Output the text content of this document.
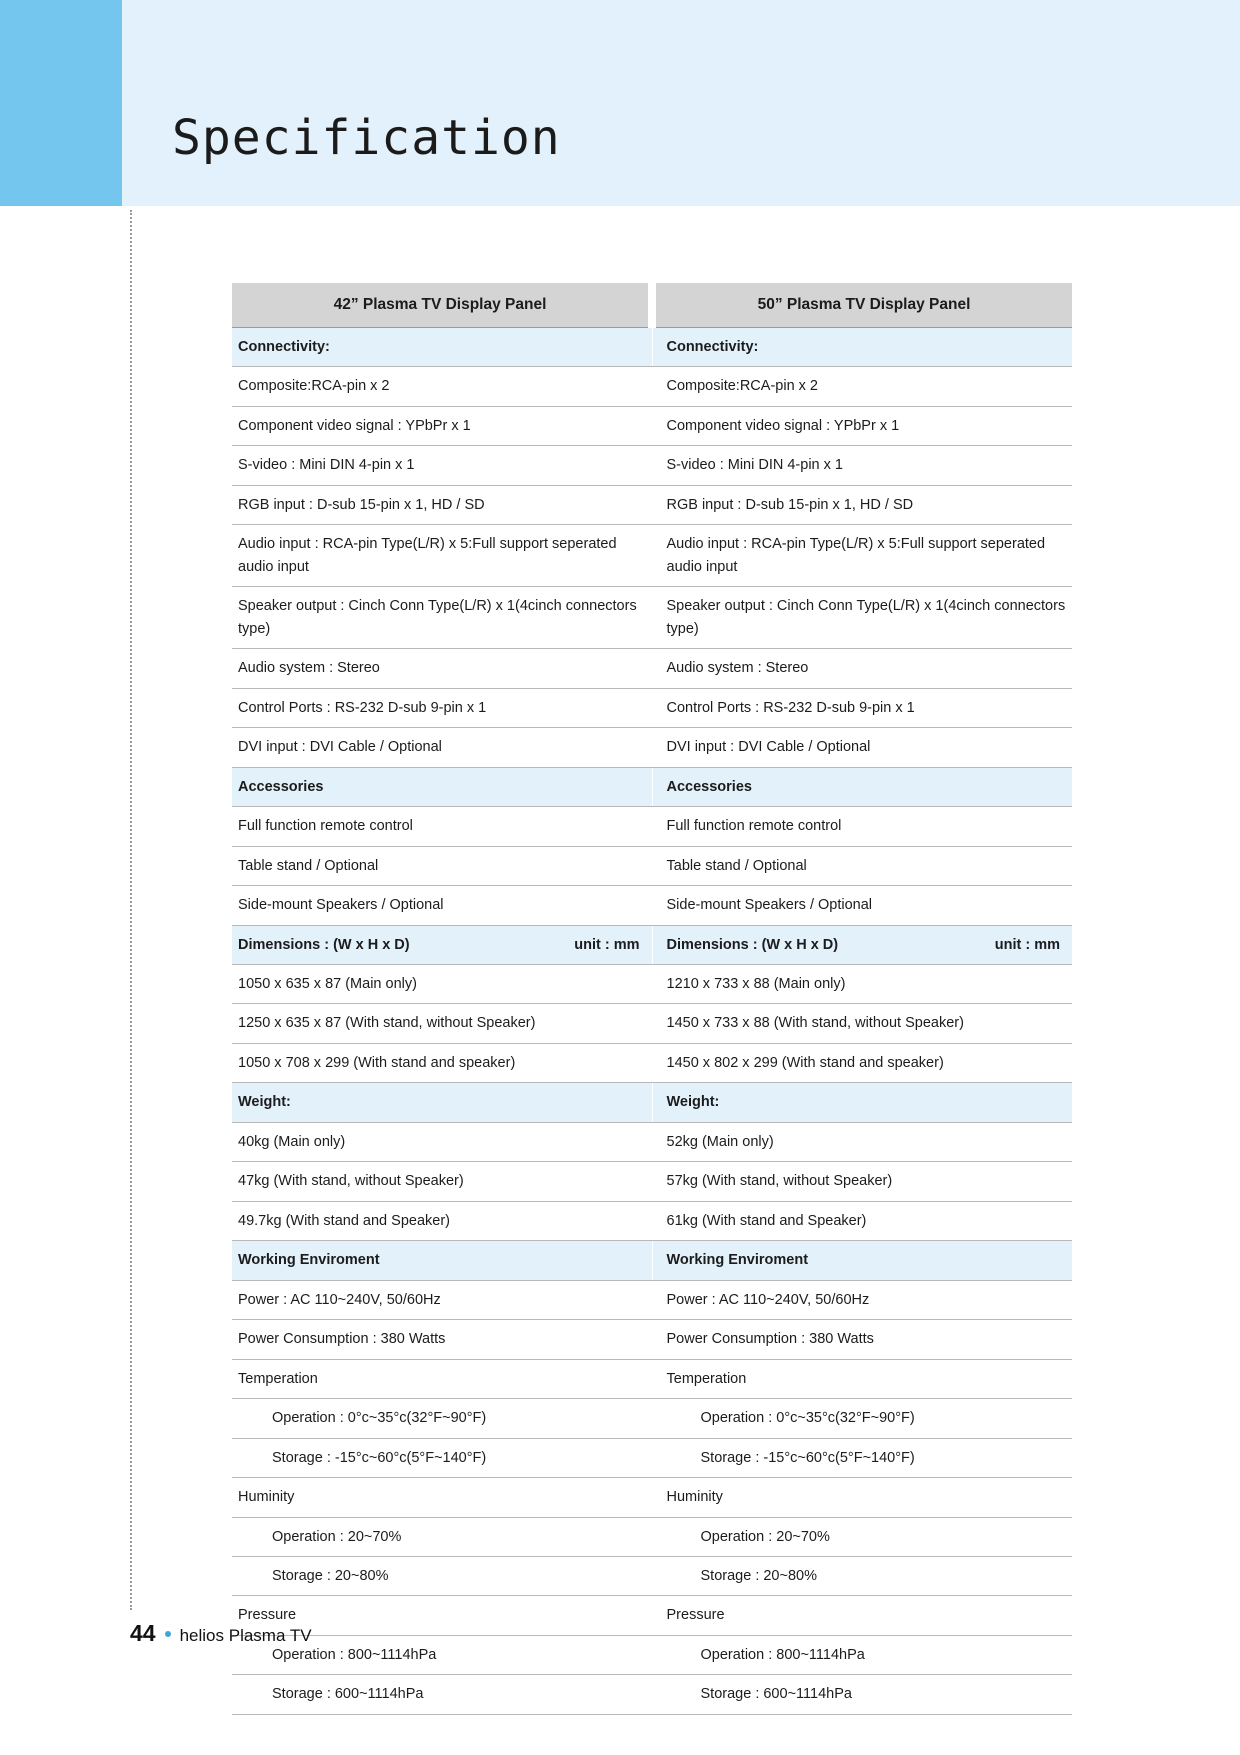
Specification
42” Plasma TV Display Panel	50” Plasma TV Display Panel
Connectivity:	Connectivity:
Composite:RCA-pin x 2	Composite:RCA-pin x 2
Component video signal : YPbPr x 1	Component video signal : YPbPr x 1
S-video : Mini DIN 4-pin x 1	S-video : Mini DIN 4-pin x 1
RGB input : D-sub 15-pin x 1, HD / SD	RGB input : D-sub 15-pin x 1, HD / SD
Audio input : RCA-pin Type(L/R) x 5:Full support seperated audio input	Audio input : RCA-pin Type(L/R) x 5:Full support seperated audio input
Speaker output : Cinch Conn Type(L/R) x 1(4cinch connectors type)	Speaker output : Cinch Conn Type(L/R) x 1(4cinch connectors type)
Audio system : Stereo	Audio system : Stereo
Control Ports : RS-232 D-sub 9-pin x 1	Control Ports : RS-232 D-sub 9-pin x 1
DVI input : DVI Cable / Optional	DVI input : DVI Cable / Optional
Accessories	Accessories
Full function remote control	Full function remote control
Table stand / Optional	Table stand / Optional
Side-mount Speakers / Optional	Side-mount Speakers / Optional

Dimensions : (W x H x D) unit : mm	Dimensions : (W x H x D) unit : mm

1050 x 635 x 87 (Main only)	1210 x 733 x 88 (Main only)
1250 x 635 x 87 (With stand, without Speaker)	1450 x 733 x 88 (With stand, without Speaker)
1050 x 708 x 299 (With stand and speaker)	1450 x 802 x 299 (With stand and speaker)
Weight:	Weight:
40kg (Main only)	52kg (Main only)
47kg (With stand, without Speaker)	57kg (With stand, without Speaker)
49.7kg (With stand and Speaker)	61kg (With stand and Speaker)
Working Enviroment	Working Enviroment
Power : AC 110~240V, 50/60Hz	Power : AC 110~240V, 50/60Hz
Power Consumption : 380 Watts	Power Consumption : 380 Watts
Temperation	Temperation
Operation : 0°c~35°c(32°F~90°F)	Operation : 0°c~35°c(32°F~90°F)
Storage : -15°c~60°c(5°F~140°F)	Storage : -15°c~60°c(5°F~140°F)
Huminity	Huminity
Operation : 20~70%	Operation : 20~70%
Storage : 20~80%	Storage : 20~80%
Pressure	Pressure
Operation : 800~1114hPa	Operation : 800~1114hPa
Storage : 600~1114hPa	Storage : 600~1114hPa
44 helios Plasma TV
